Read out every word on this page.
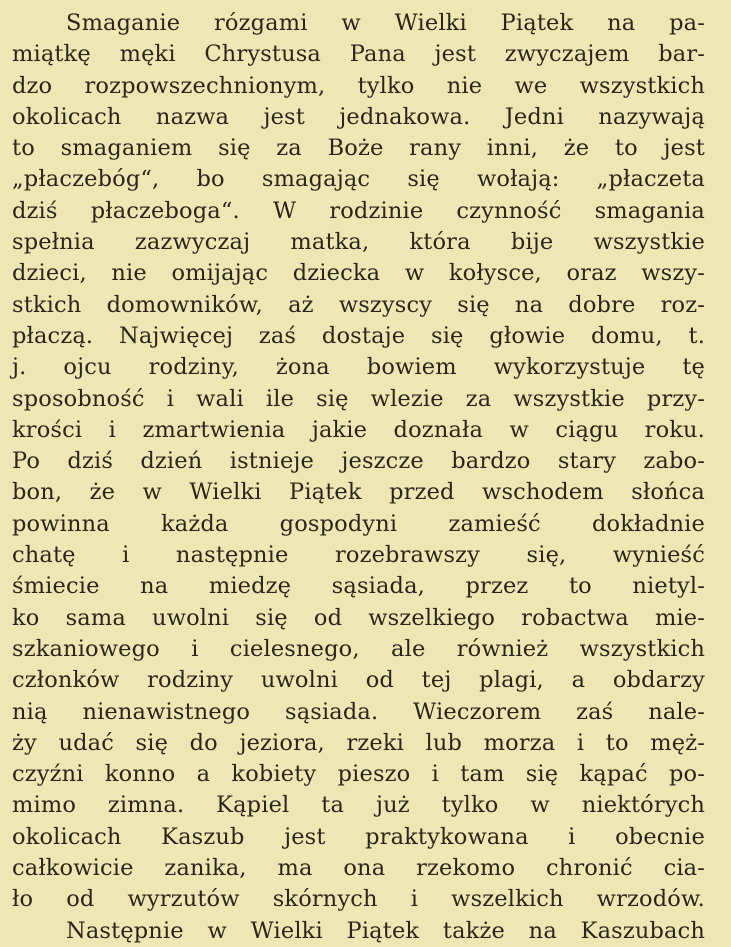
Smaganie rózgami w Wielki Piątek na pa-
miątkę męki Chrystusa Pana jest zwyczajem bar-
dzo rozpowszechnionym, tylko nie we wszystkich
okolicach nazwa jest jednakowa. Jedni nazywają
to smaganiem się za Boże rany inni, że to jest
„płaczebóg“, bo smagając się wołają: „płaczeta
dziś płaczeboga“. W rodzinie czynność smagania
spełnia zazwyczaj matka, która bije wszystkie
dzieci, nie omijając dziecka w kołysce, oraz wszy-
stkich domowników, aż wszyscy się na dobre roz-
płaczą. Najwięcej zaś dostaje się głowie domu, t.
j. ojcu rodziny, żona bowiem wykorzystuje tę
sposobność i wali ile się wlezie za wszystkie przy-
krości i zmartwienia jakie doznała w ciągu roku.
Po dziś dzień istnieje jeszcze bardzo stary zabo-
bon, że w Wielki Piątek przed wschodem słońca
powinna każda gospodyni zamieść dokładnie
chatę i następnie rozebrawszy się, wynieść
śmiecie na miedzę sąsiada, przez to nietyl-
ko sama uwolni się od wszelkiego robactwa mie-
szkaniowego i cielesnego, ale również wszystkich
członków rodziny uwolni od tej plagi, a obdarzy
nią nienawistnego sąsiada. Wieczorem zaś nale-
ży udać się do jeziora, rzeki lub morza i to męż-
czyźni konno a kobiety pieszo i tam się kąpać po-
mimo zimna. Kąpiel ta już tylko w niektórych
okolicach Kaszub jest praktykowana i obecnie
całkowicie zanika, ma ona rzekomo chronić cia-
ło od wyrzutów skórnych i wszelkich wrzodów.
Następnie w Wielki Piątek także na Kaszubach
